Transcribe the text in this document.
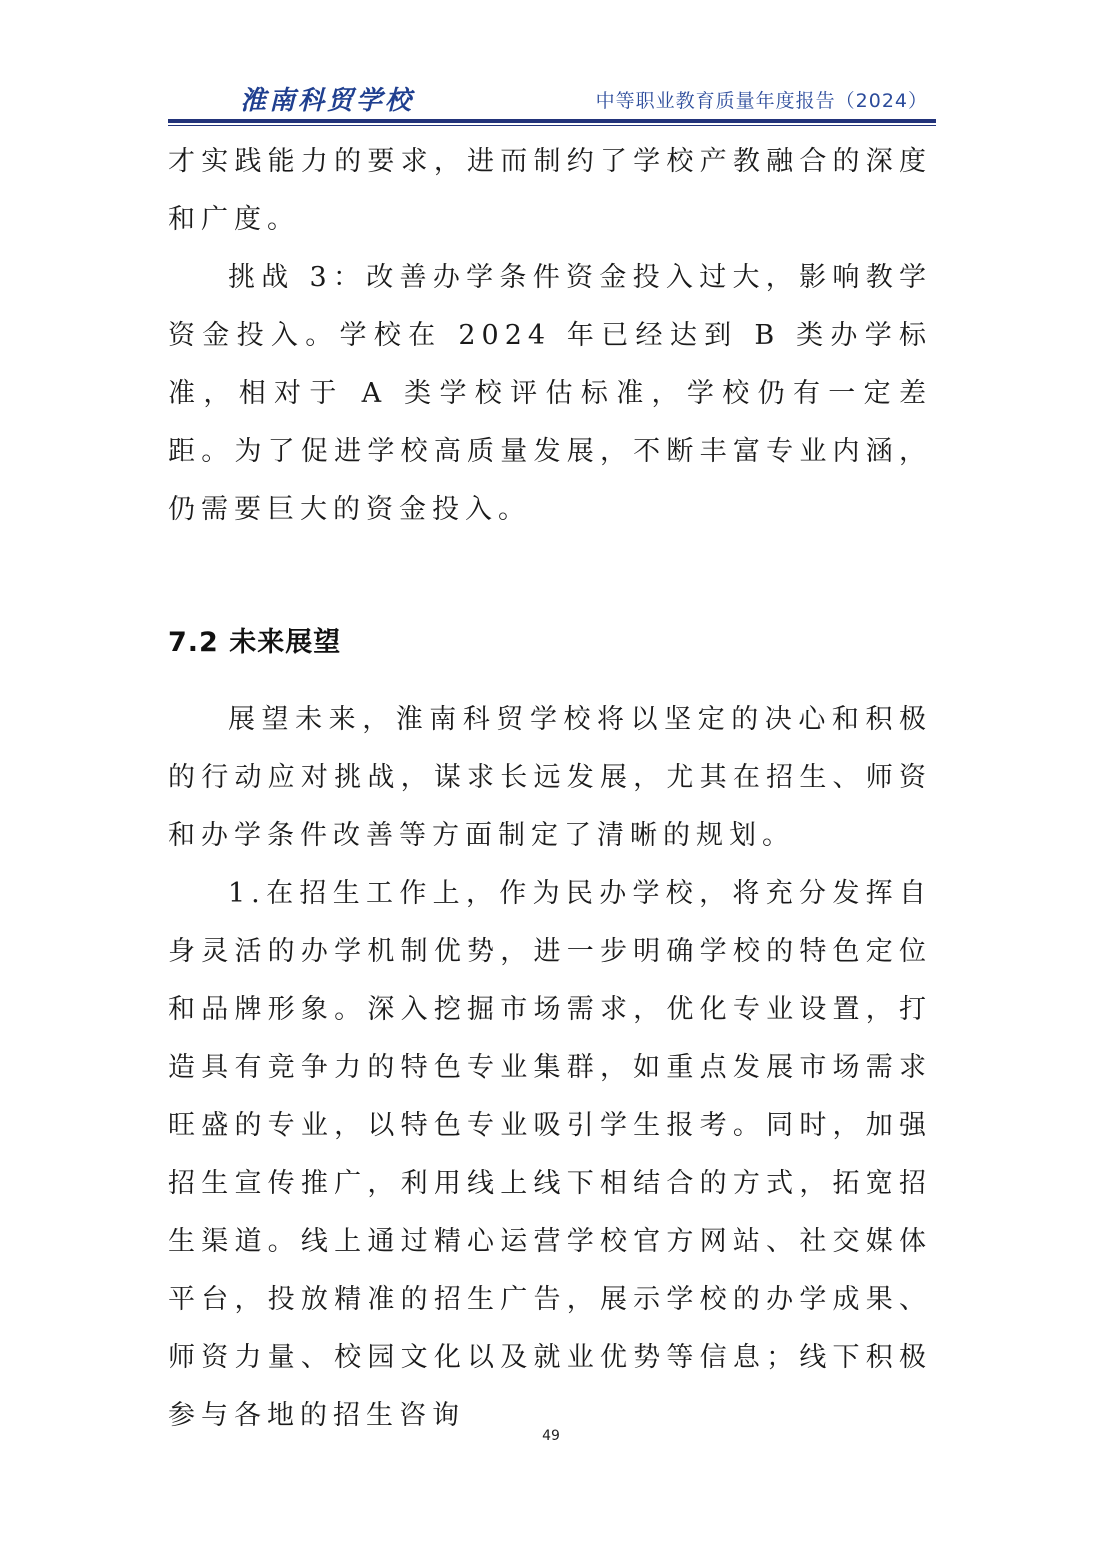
淮南科贸学校	中等职业教育质量年度报告（2024）

才实践能力的要求，进而制约了学校产教融合的深度和广度。

挑战 3：改善办学条件资金投入过大，影响教学资金投入。学校在 2024 年已经达到 B 类办学标准，相对于 A 类学校评估标准，学校仍有一定差距。为了促进学校高质量发展，不断丰富专业内涵，仍需要巨大的资金投入。

7.2 未来展望

展望未来，淮南科贸学校将以坚定的决心和积极的行动应对挑战，谋求长远发展，尤其在招生、师资和办学条件改善等方面制定了清晰的规划。

1.在招生工作上，作为民办学校，将充分发挥自身灵活的办学机制优势，进一步明确学校的特色定位和品牌形象。深入挖掘市场需求，优化专业设置，打造具有竞争力的特色专业集群，如重点发展市场需求旺盛的专业，以特色专业吸引学生报考。同时，加强招生宣传推广，利用线上线下相结合的方式，拓宽招生渠道。线上通过精心运营学校官方网站、社交媒体平台，投放精准的招生广告，展示学校的办学成果、师资力量、校园文化以及就业优势等信息；线下积极参与各地的招生咨询

49
